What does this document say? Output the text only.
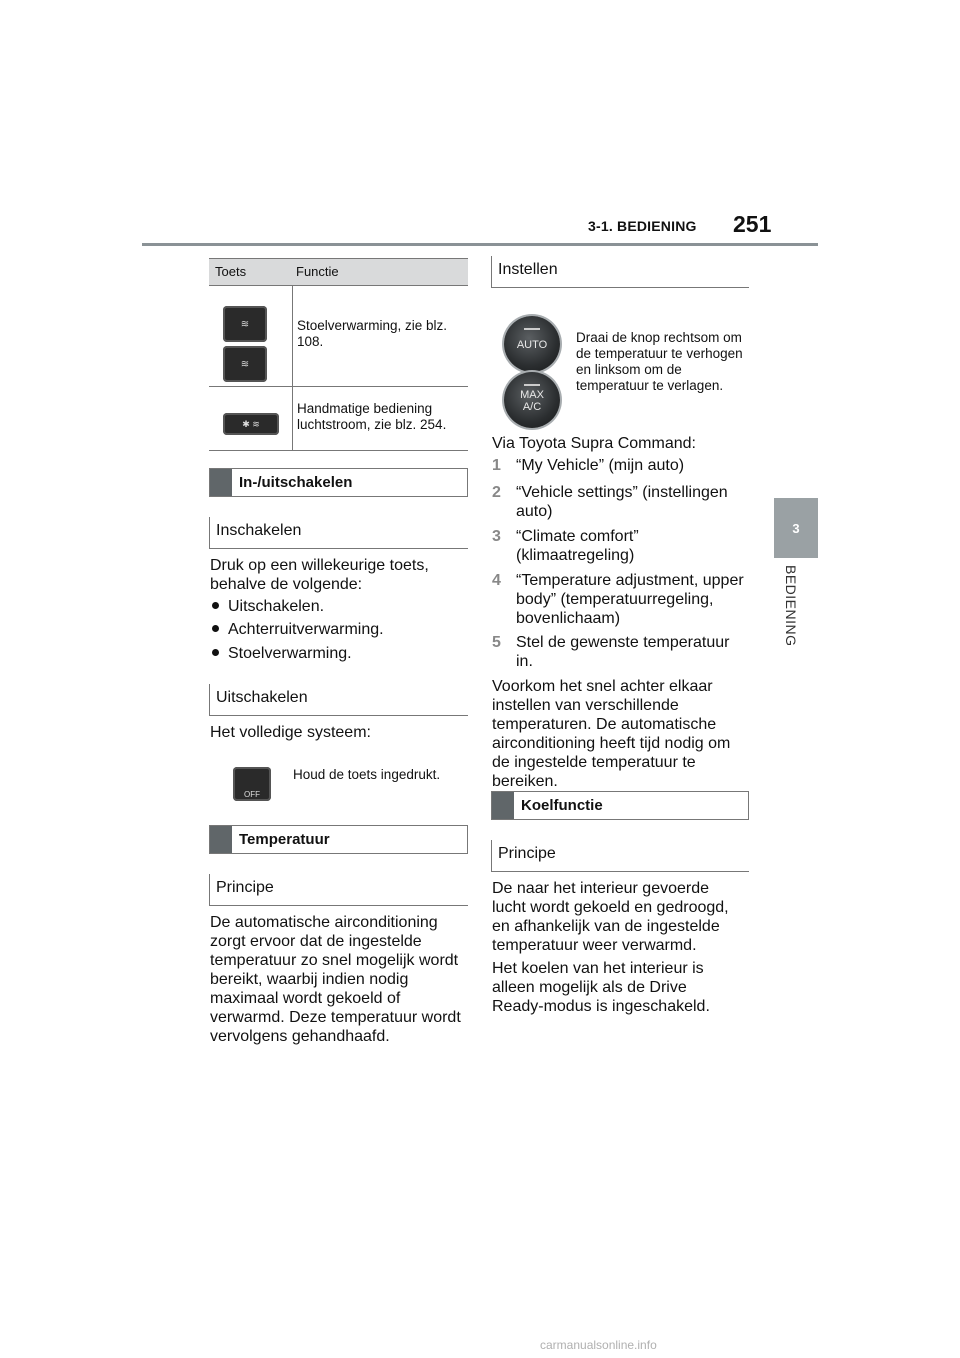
3-1. BEDIENING 251
3
BEDIENING
Toets	Functie
≋
≋
Stoelverwarming, zie blz. 108.
✱ ≋
Handmatige bediening luchtstroom, zie blz. 254.
In-/uitschakelen
Inschakelen
Druk op een willekeurige toets, behalve de volgende:
Uitschakelen.
Achterruitverwarming.
Stoelverwarming.
Uitschakelen
Het volledige systeem:
OFF
Houd de toets ingedrukt.
Temperatuur
Principe
De automatische airconditioning zorgt ervoor dat de ingestelde temperatuur zo snel mogelijk wordt bereikt, waarbij indien nodig maximaal wordt gekoeld of verwarmd. Deze temperatuur wordt vervolgens gehandhaafd.
Instellen
AUTO
MAX
A/C
Draai de knop rechtsom om de temperatuur te verhogen en linksom om de temperatuur te verlagen.
Via Toyota Supra Command:
1 “My Vehicle” (mijn auto)
2 “Vehicle settings” (instellingen auto)
3 “Climate comfort” (klimaatregeling)
4 “Temperature adjustment, upper body” (temperatuurregeling, bovenlichaam)
5 Stel de gewenste temperatuur in.
Voorkom het snel achter elkaar instellen van verschillende temperaturen. De automatische airconditioning heeft tijd nodig om de ingestelde temperatuur te bereiken.
Koelfunctie
Principe
De naar het interieur gevoerde lucht wordt gekoeld en gedroogd, en afhankelijk van de ingestelde temperatuur weer verwarmd.
Het koelen van het interieur is alleen mogelijk als de Drive Ready-modus is ingeschakeld.
carmanualsonline.info
